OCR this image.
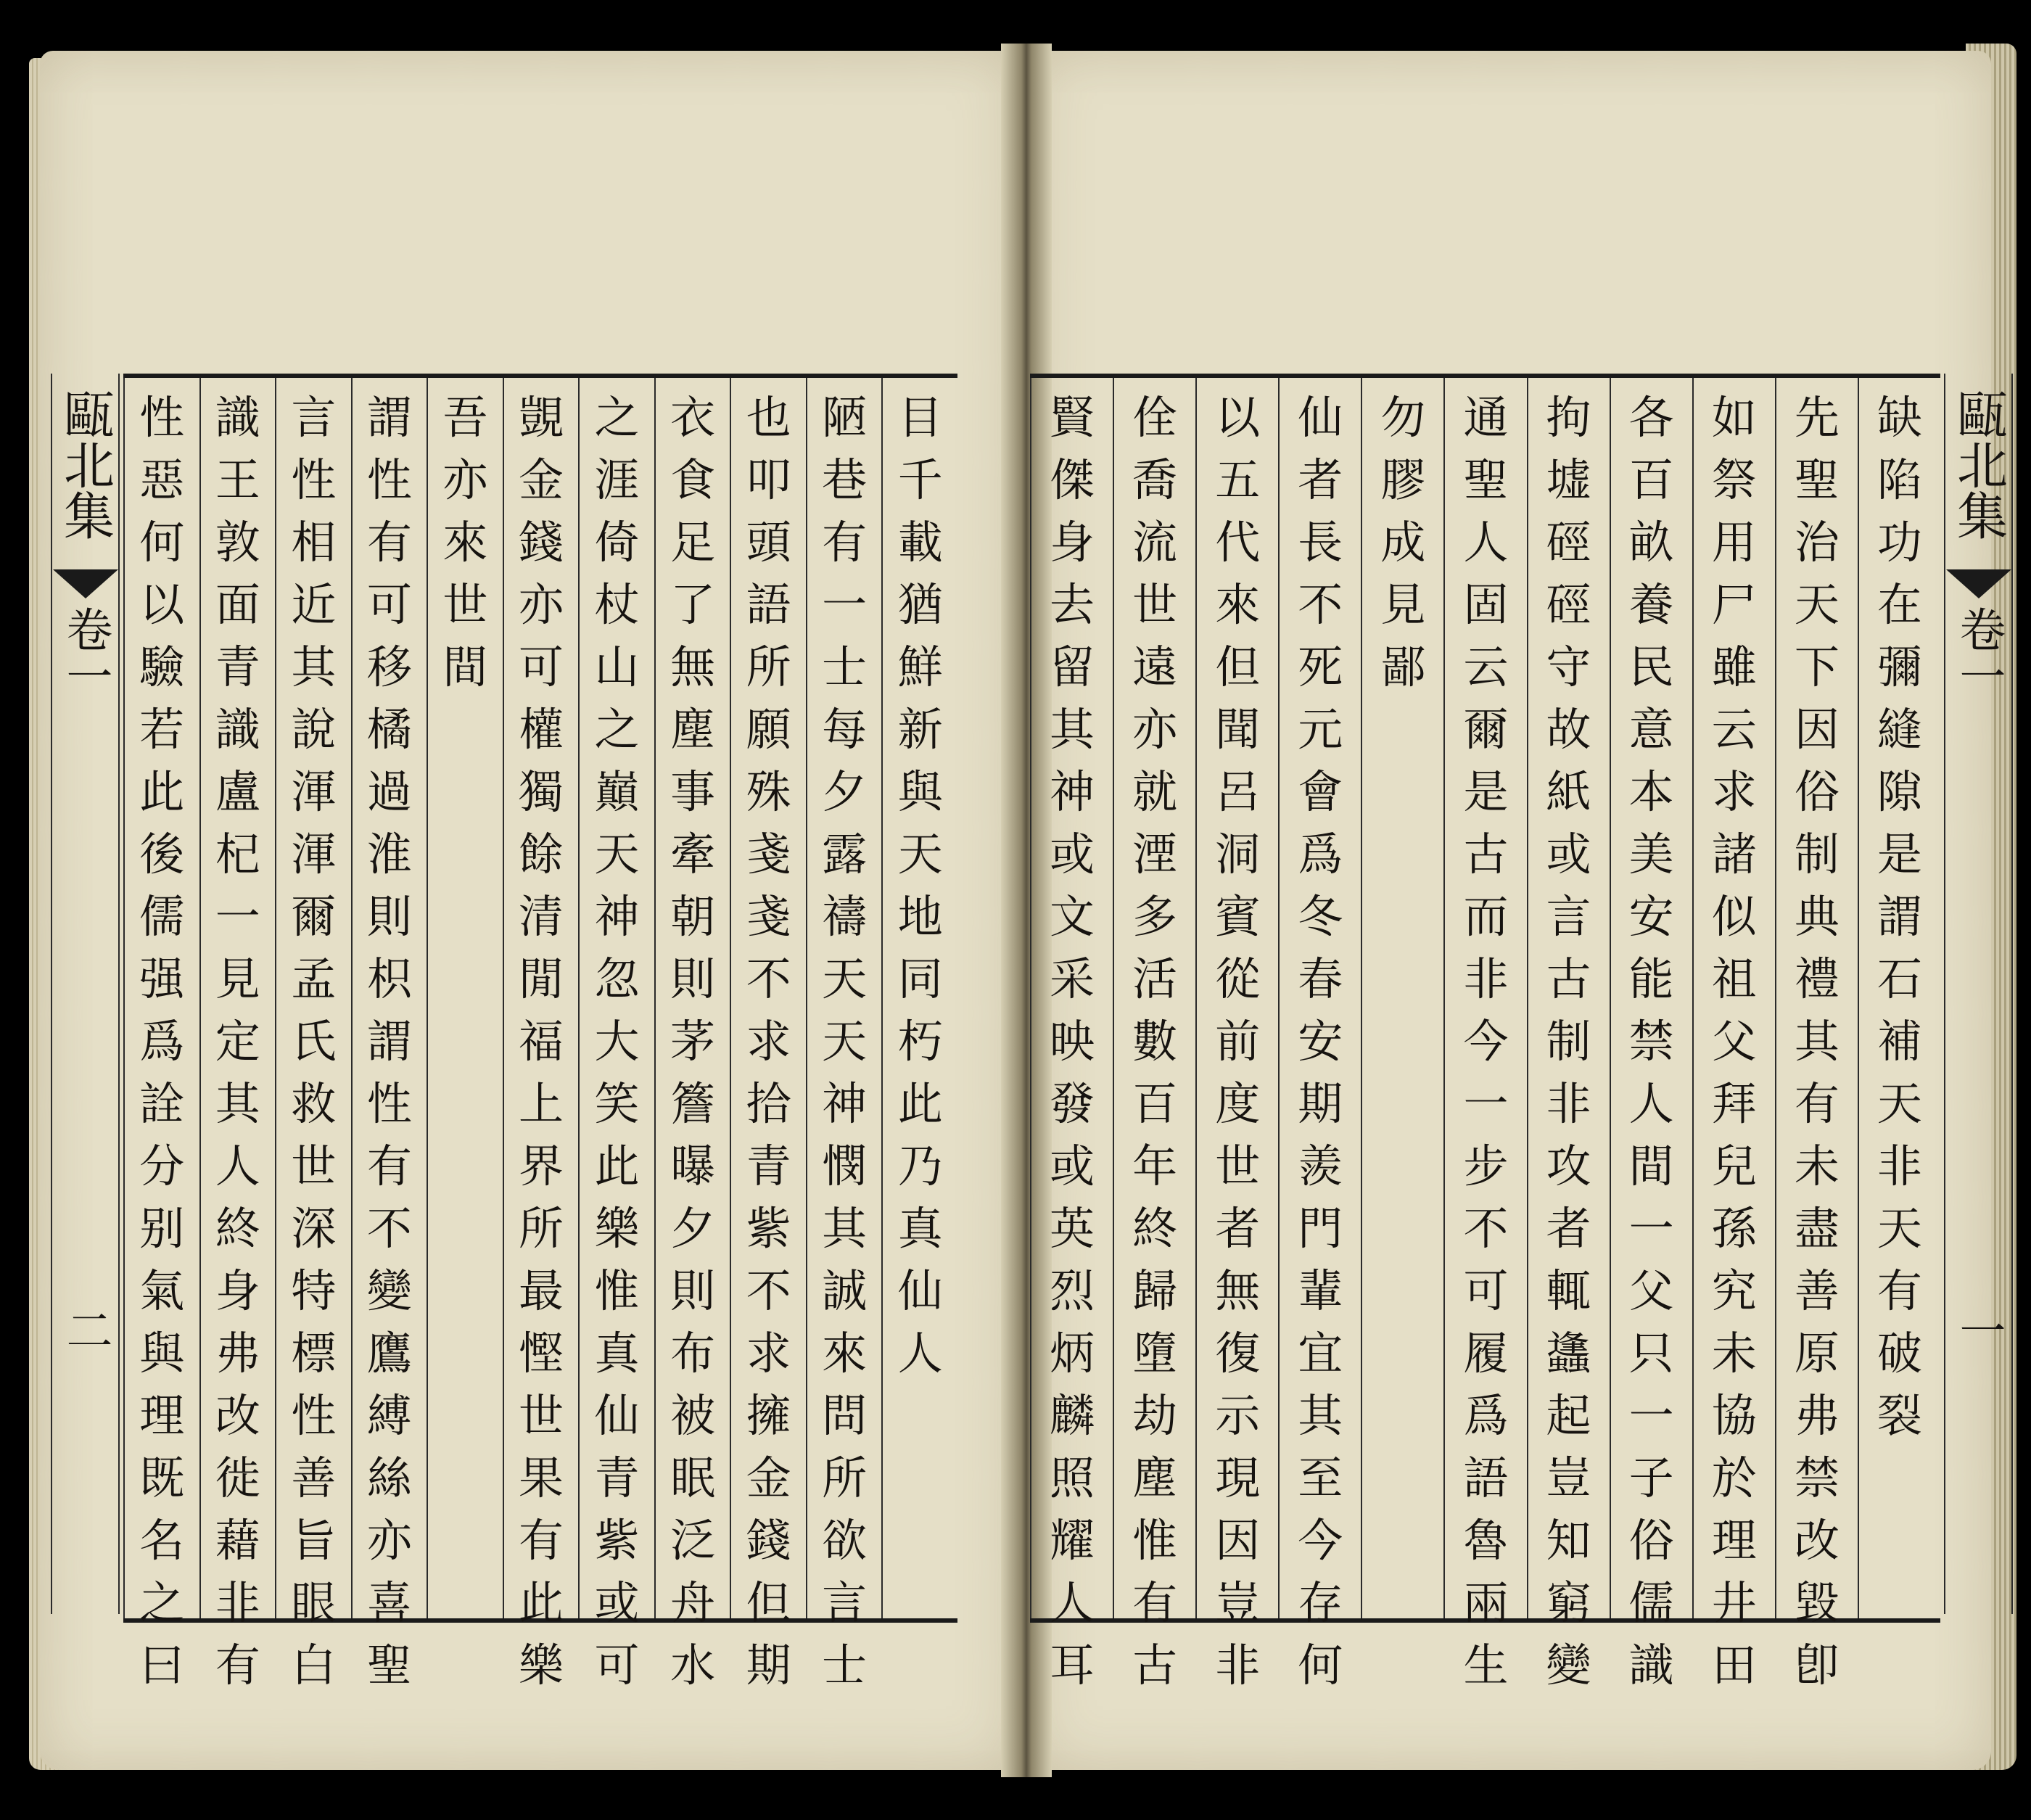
甌北集
卷一
二
甌北集
卷一
一
目
千
載
猶
鮮
新
與
天
地
同
朽
此
乃
真
仙
人
陋
巷
有
一
士
每
夕
露
禱
天
天
神
憫
其
誠
來
問
所
欲
言
士
也
叩
頭
語
所
願
殊
戔
戔
不
求
拾
青
紫
不
求
擁
金
錢
但
期
衣
食
足
了
無
塵
事
牽
朝
則
茅
簷
曝
夕
則
布
被
眠
泛
舟
水
之
涯
倚
杖
山
之
巔
天
神
忽
大
笑
此
樂
惟
真
仙
青
紫
或
可
覬
金
錢
亦
可
權
獨
餘
清
閒
福
上
界
所
最
慳
世
果
有
此
樂
吾
亦
來
世
間
謂
性
有
可
移
橘
過
淮
則
枳
謂
性
有
不
變
鷹
縛
絲
亦
喜
聖
言
性
相
近
其
說
渾
渾
爾
孟
氏
救
世
深
特
標
性
善
旨
眼
白
識
王
敦
面
青
識
盧
杞
一
見
定
其
人
終
身
弗
改
徙
藉
非
有
性
惡
何
以
驗
若
此
後
儒
强
爲
詮
分
别
氣
與
理
既
名
之
曰
缺
陷
功
在
彌
縫
隙
是
謂
石
補
天
非
天
有
破
裂
先
聖
治
天
下
因
俗
制
典
禮
其
有
未
盡
善
原
弗
禁
改
毀
卽
如
祭
用
尸
雖
云
求
諸
似
祖
父
拜
兒
孫
究
未
協
於
理
井
田
各
百
畝
養
民
意
本
美
安
能
禁
人
間
一
父
只
一
子
俗
儒
識
拘
墟
硜
硜
守
故
紙
或
言
古
制
非
攻
者
輒
蠭
起
豈
知
窮
變
通
聖
人
固
云
爾
是
古
而
非
今
一
步
不
可
履
爲
語
魯
兩
生
勿
膠
成
見
鄙
仙
者
長
不
死
元
會
爲
冬
春
安
期
羨
門
輩
宜
其
至
今
存
何
以
五
代
來
但
聞
呂
洞
賓
從
前
度
世
者
無
復
示
現
因
豈
非
佺
喬
流
世
遠
亦
就
湮
多
活
數
百
年
終
歸
墮
劫
塵
惟
有
古
賢
傑
身
去
留
其
神
或
文
采
映
發
或
英
烈
炳
麟
照
耀
人
耳
